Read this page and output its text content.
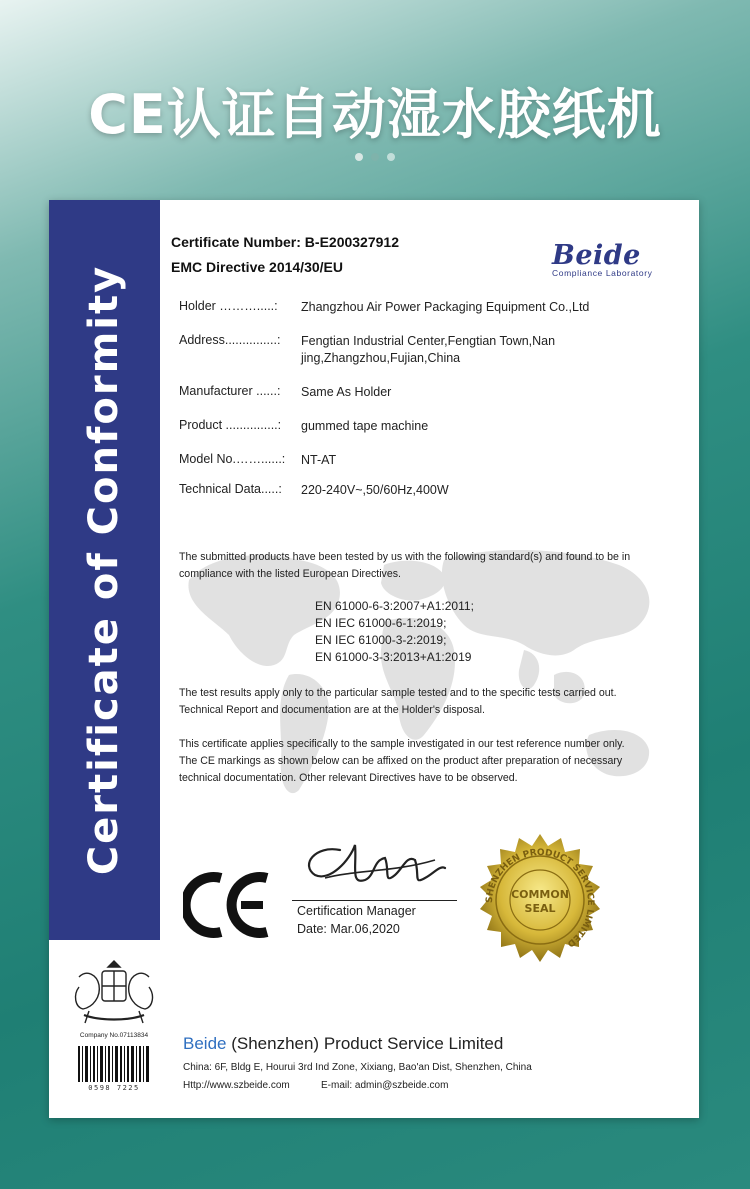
CE认证自动湿水胶纸机

Certificate of Conformity
Certificate Number: B-E200327912
EMC Directive 2014/30/EU	Beide
Compliance Laboratory
Holder ……….....: Zhangzhou Air Power Packaging Equipment Co.,Ltd
Address...............: Fengtian Industrial Center,Fengtian Town,Nan
jing,Zhangzhou,Fujian,China
Manufacturer ......: Same As Holder
Product ...............: gummed tape machine
Model No.……......: NT-AT
Technical Data.....: 220-240V~,50/60Hz,400W
The submitted products have been tested by us with the following standard(s) and found to be in
compliance with the listed European Directives.
EN 61000-6-3:2007+A1:2011;
EN IEC 61000-6-1:2019;
EN IEC 61000-3-2:2019;
EN 61000-3-3:2013+A1:2019
The test results apply only to the particular sample tested and to the specific tests carried out.
Technical Report and documentation are at the Holder's disposal.
This certificate applies specifically to the sample investigated in our test reference number only.
The CE markings as shown below can be affixed on the product after preparation of necessary
technical documentation. Other relevant Directives have to be observed.
Certification Manager
Date: Mar.06,2020
SHENZHEN PRODUCT SERVICE LIMITED
COMMON
SEAL
Company No.07113834
0598 7225
Beide (Shenzhen) Product Service Limited
China: 6F, Bldg E, Hourui 3rd Ind Zone, Xixiang, Bao'an Dist, Shenzhen, China
Http://www.szbeide.com	E-mail: admin@szbeide.com
